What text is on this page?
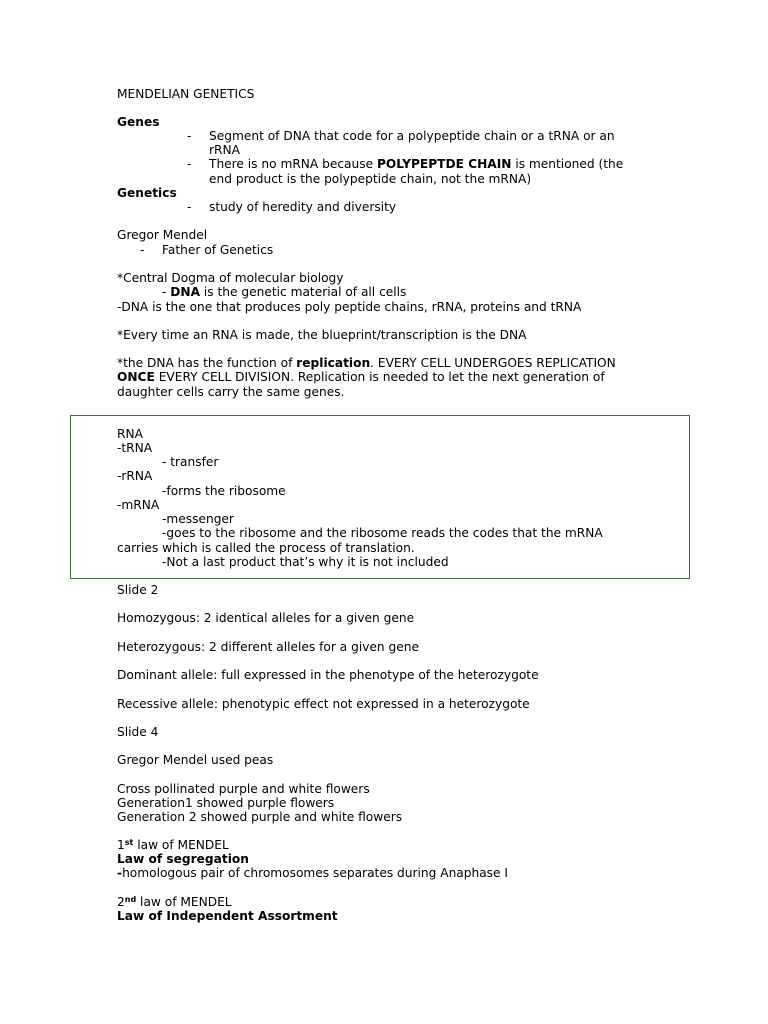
MENDELIAN GENETICS
Genes
- Segment of DNA that code for a polypeptide chain or a tRNA or an
rRNA
- There is no mRNA because POLYPEPTDE CHAIN is mentioned (the
end product is the polypeptide chain, not the mRNA)
Genetics
- study of heredity and diversity
Gregor Mendel
- Father of Genetics
*Central Dogma of molecular biology
- DNA is the genetic material of all cells
-DNA is the one that produces poly peptide chains, rRNA, proteins and tRNA
*Every time an RNA is made, the blueprint/transcription is the DNA
*the DNA has the function of replication. EVERY CELL UNDERGOES REPLICATION
ONCE EVERY CELL DIVISION. Replication is needed to let the next generation of
daughter cells carry the same genes.
RNA
-tRNA
- transfer
-rRNA
-forms the ribosome
-mRNA
-messenger
-goes to the ribosome and the ribosome reads the codes that the mRNA
carries which is called the process of translation.
-Not a last product that’s why it is not included
Slide 2
Homozygous: 2 identical alleles for a given gene
Heterozygous: 2 different alleles for a given gene
Dominant allele: full expressed in the phenotype of the heterozygote
Recessive allele: phenotypic effect not expressed in a heterozygote
Slide 4
Gregor Mendel used peas
Cross pollinated purple and white flowers
Generation1 showed purple flowers
Generation 2 showed purple and white flowers
1st law of MENDEL
Law of segregation
-homologous pair of chromosomes separates during Anaphase I
2nd law of MENDEL
Law of Independent Assortment
